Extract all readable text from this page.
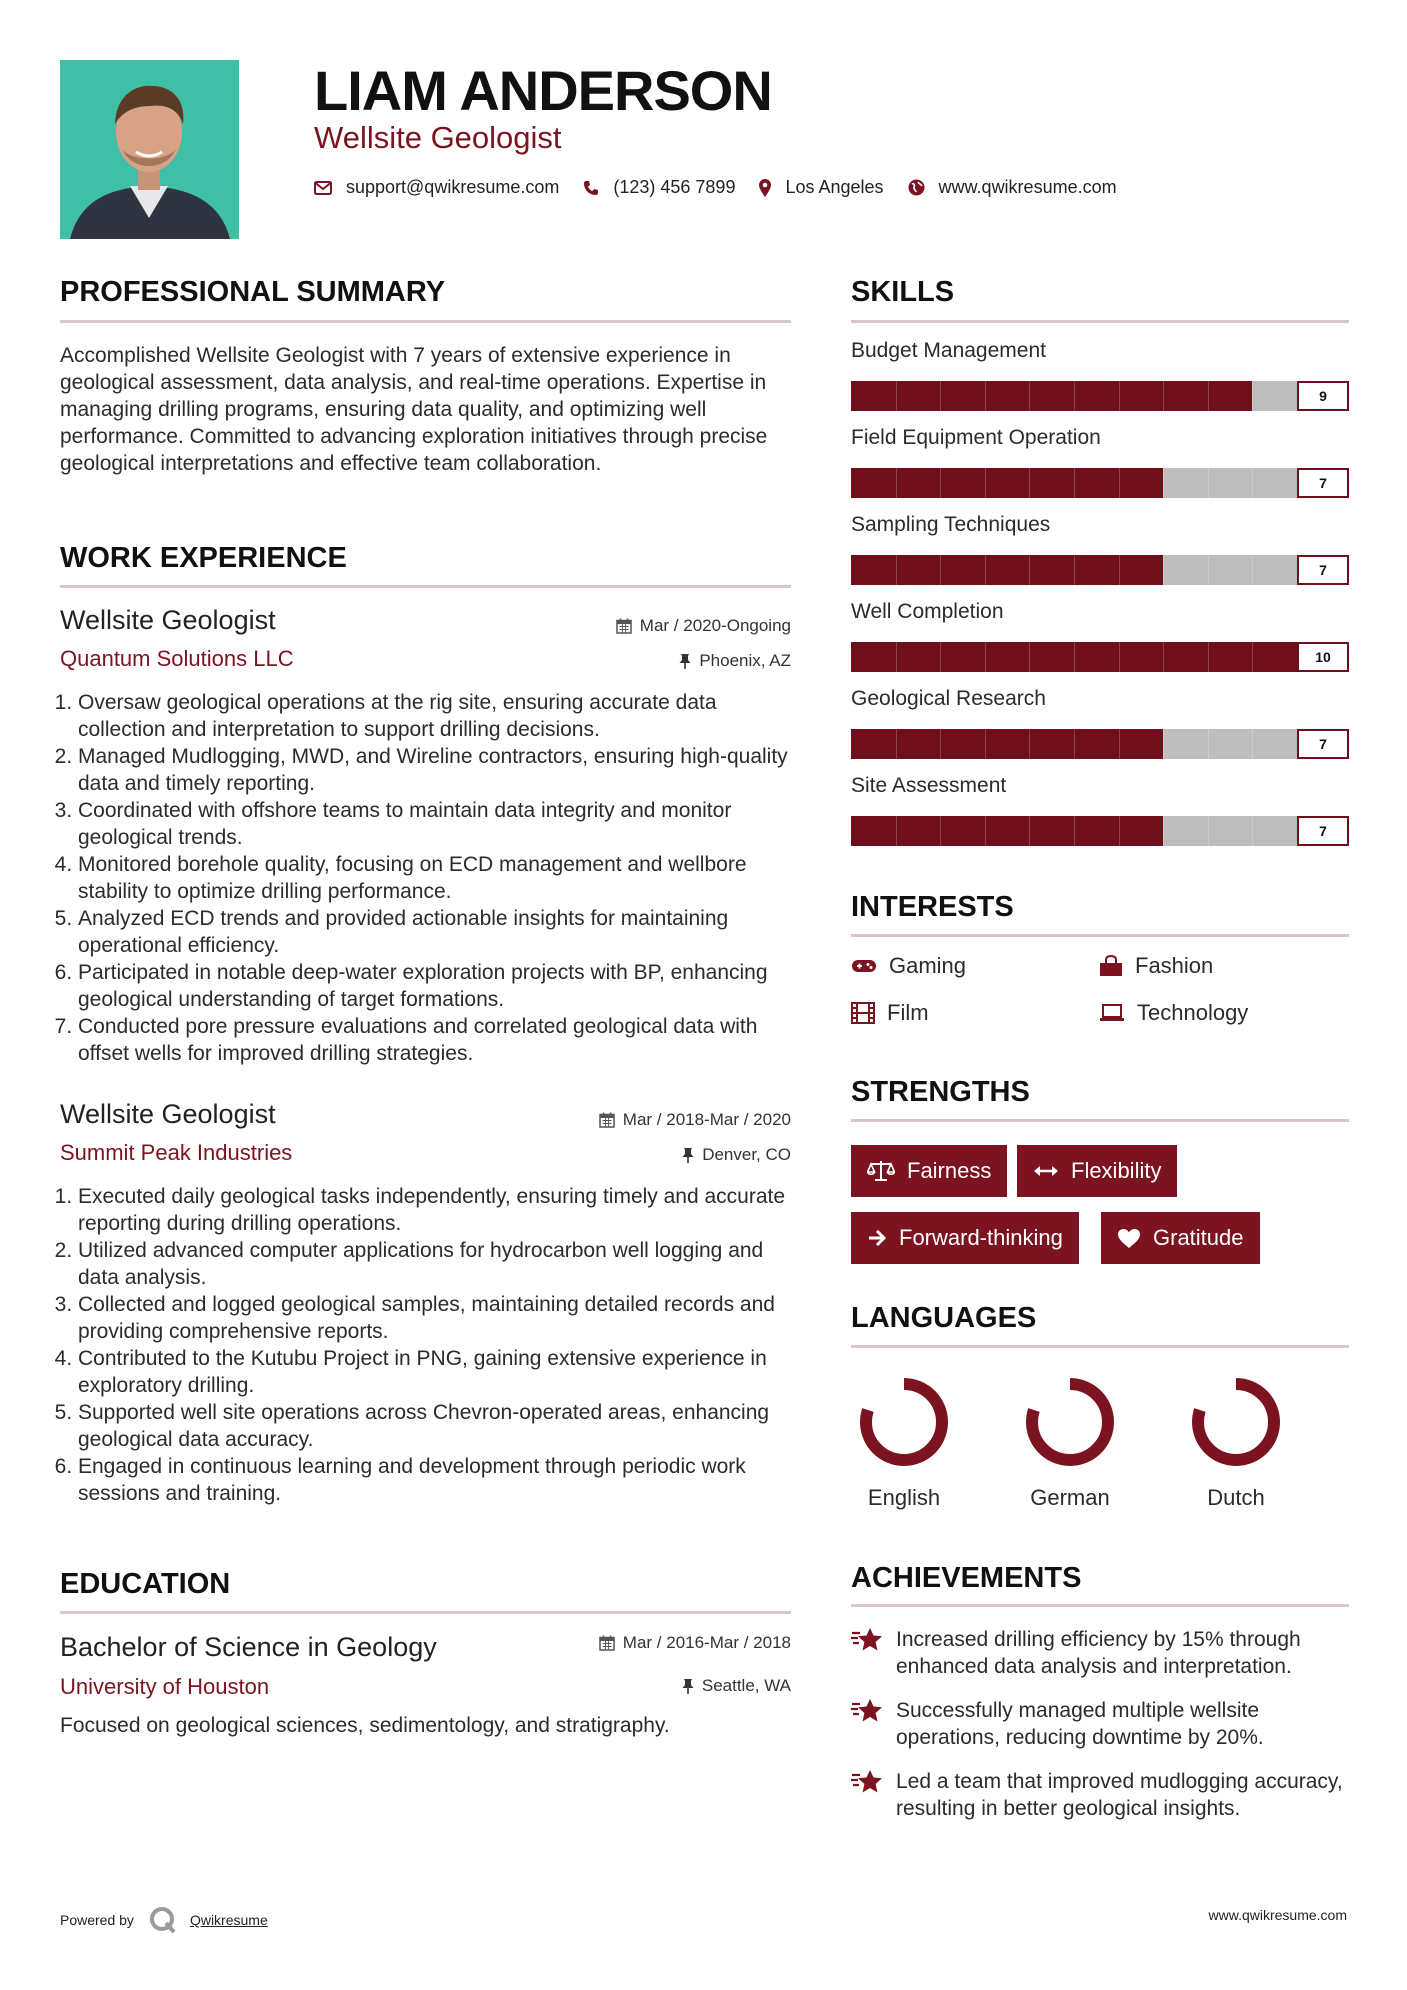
LIAM ANDERSON
Wellsite Geologist
support@qwikresume.com	(123) 456 7899	Los Angeles	www.qwikresume.com
PROFESSIONAL SUMMARY
Accomplished Wellsite Geologist with 7 years of extensive experience in geological assessment, data analysis, and real-time operations. Expertise in managing drilling programs, ensuring data quality, and optimizing well performance. Committed to advancing exploration initiatives through precise geological interpretations and effective team collaboration.
WORK EXPERIENCE
Wellsite Geologist	Mar / 2020-Ongoing
Quantum Solutions LLC	Phoenix, AZ
1. Oversaw geological operations at the rig site, ensuring accurate data collection and interpretation to support drilling decisions.
2. Managed Mudlogging, MWD, and Wireline contractors, ensuring high-quality data and timely reporting.
3. Coordinated with offshore teams to maintain data integrity and monitor geological trends.
4. Monitored borehole quality, focusing on ECD management and wellbore stability to optimize drilling performance.
5. Analyzed ECD trends and provided actionable insights for maintaining operational efficiency.
6. Participated in notable deep-water exploration projects with BP, enhancing geological understanding of target formations.
7. Conducted pore pressure evaluations and correlated geological data with offset wells for improved drilling strategies.
Wellsite Geologist	Mar / 2018-Mar / 2020
Summit Peak Industries	Denver, CO
1. Executed daily geological tasks independently, ensuring timely and accurate reporting during drilling operations.
2. Utilized advanced computer applications for hydrocarbon well logging and data analysis.
3. Collected and logged geological samples, maintaining detailed records and providing comprehensive reports.
4. Contributed to the Kutubu Project in PNG, gaining extensive experience in exploratory drilling.
5. Supported well site operations across Chevron-operated areas, enhancing geological data accuracy.
6. Engaged in continuous learning and development through periodic work sessions and training.
EDUCATION
Bachelor of Science in Geology	Mar / 2016-Mar / 2018
University of Houston	Seattle, WA
Focused on geological sciences, sedimentology, and stratigraphy.
SKILLS
Budget Management
9
Field Equipment Operation
7
Sampling Techniques
7
Well Completion
10
Geological Research
7
Site Assessment
7
INTERESTS
Gaming	Fashion
Film	Technology
STRENGTHS
Fairness	Flexibility
Forward-thinking	Gratitude
LANGUAGES
English	German	Dutch
ACHIEVEMENTS
Increased drilling efficiency by 15% through enhanced data analysis and interpretation.
Successfully managed multiple wellsite operations, reducing downtime by 20%.
Led a team that improved mudlogging accuracy, resulting in better geological insights.
Powered by	Qwikresume	www.qwikresume.com
